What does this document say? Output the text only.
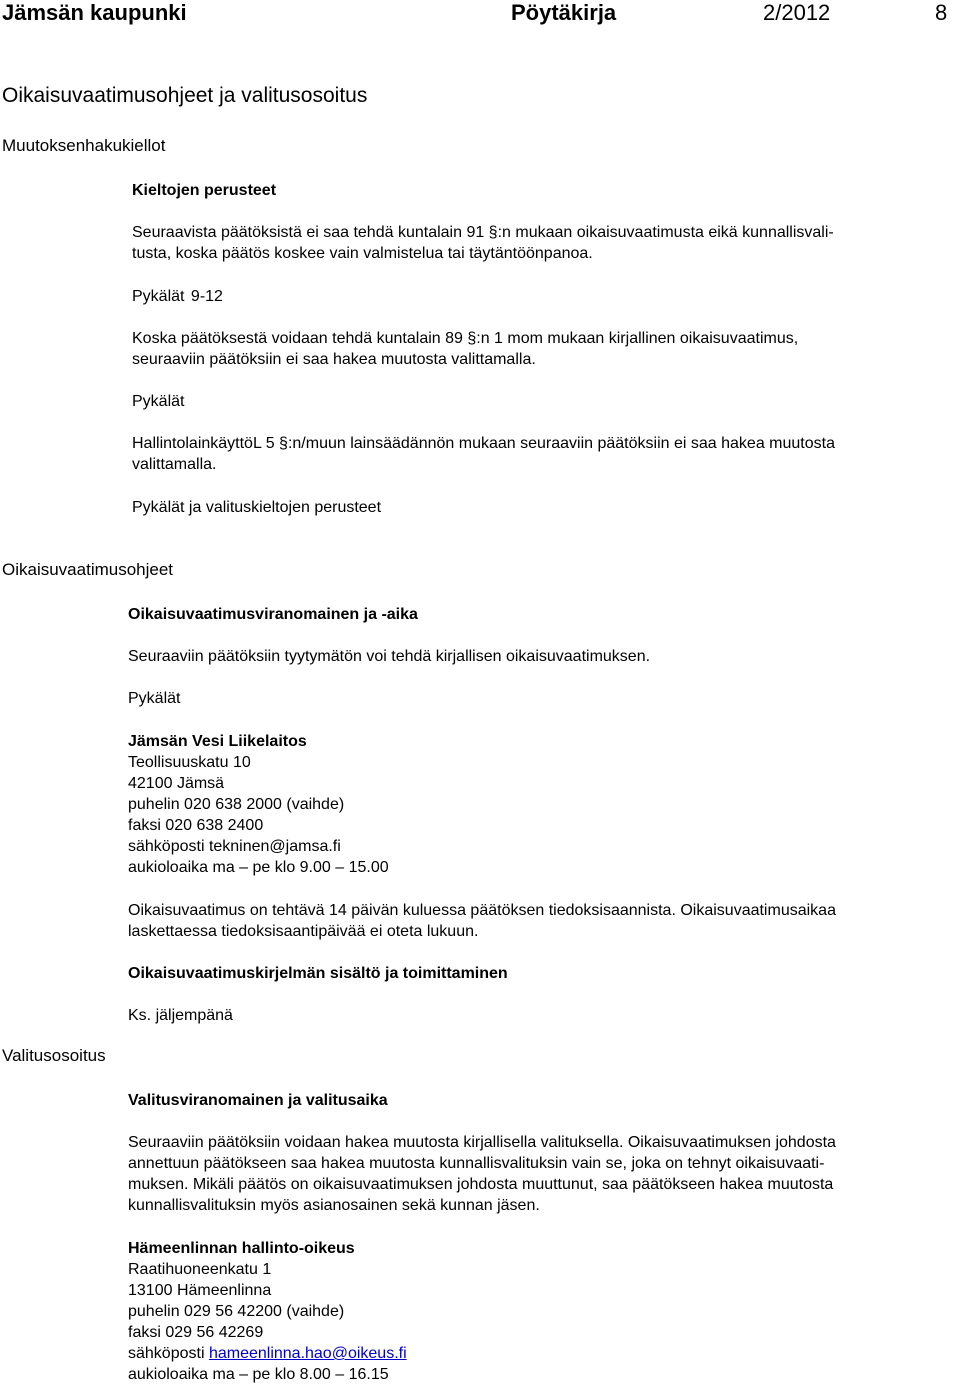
Jämsän kaupunki	Pöytäkirja	2/2012	8
Oikaisuvaatimusohjeet ja valitusosoitus
Muutoksenhakukiellot
Kieltojen perusteet
Seuraavista päätöksistä ei saa tehdä kuntalain 91 §:n mukaan oikaisuvaatimusta eikä kunnallisvali-
tusta, koska päätös koskee vain valmistelua tai täytäntöönpanoa.
Pykälät 9-12
Koska päätöksestä voidaan tehdä kuntalain 89 §:n 1 mom mukaan kirjallinen oikaisuvaatimus,
seuraaviin päätöksiin ei saa hakea muutosta valittamalla.
Pykälät
HallintolainkäyttöL 5 §:n/muun lainsäädännön mukaan seuraaviin päätöksiin ei saa hakea muutosta
valittamalla.
Pykälät ja valituskieltojen perusteet
Oikaisuvaatimusohjeet
Oikaisuvaatimusviranomainen ja -aika
Seuraaviin päätöksiin tyytymätön voi tehdä kirjallisen oikaisuvaatimuksen.
Pykälät
Jämsän Vesi Liikelaitos
Teollisuuskatu 10
42100 Jämsä
puhelin 020 638 2000 (vaihde)
faksi 020 638 2400
sähköposti tekninen@jamsa.fi
aukioloaika ma – pe klo 9.00 – 15.00
Oikaisuvaatimus on tehtävä 14 päivän kuluessa päätöksen tiedoksisaannista. Oikaisuvaatimusaikaa
laskettaessa tiedoksisaantipäivää ei oteta lukuun.
Oikaisuvaatimuskirjelmän sisältö ja toimittaminen
Ks. jäljempänä
Valitusosoitus
Valitusviranomainen ja valitusaika
Seuraaviin päätöksiin voidaan hakea muutosta kirjallisella valituksella. Oikaisuvaatimuksen johdosta
annettuun päätökseen saa hakea muutosta kunnallisvalituksin vain se, joka on tehnyt oikaisuvaati-
muksen. Mikäli päätös on oikaisuvaatimuksen johdosta muuttunut, saa päätökseen hakea muutosta
kunnallisvalituksin myös asianosainen sekä kunnan jäsen.
Hämeenlinnan hallinto-oikeus
Raatihuoneenkatu 1
13100 Hämeenlinna
puhelin 029 56 42200 (vaihde)
faksi 029 56 42269
sähköposti hameenlinna.hao@oikeus.fi
aukioloaika ma – pe klo 8.00 – 16.15
